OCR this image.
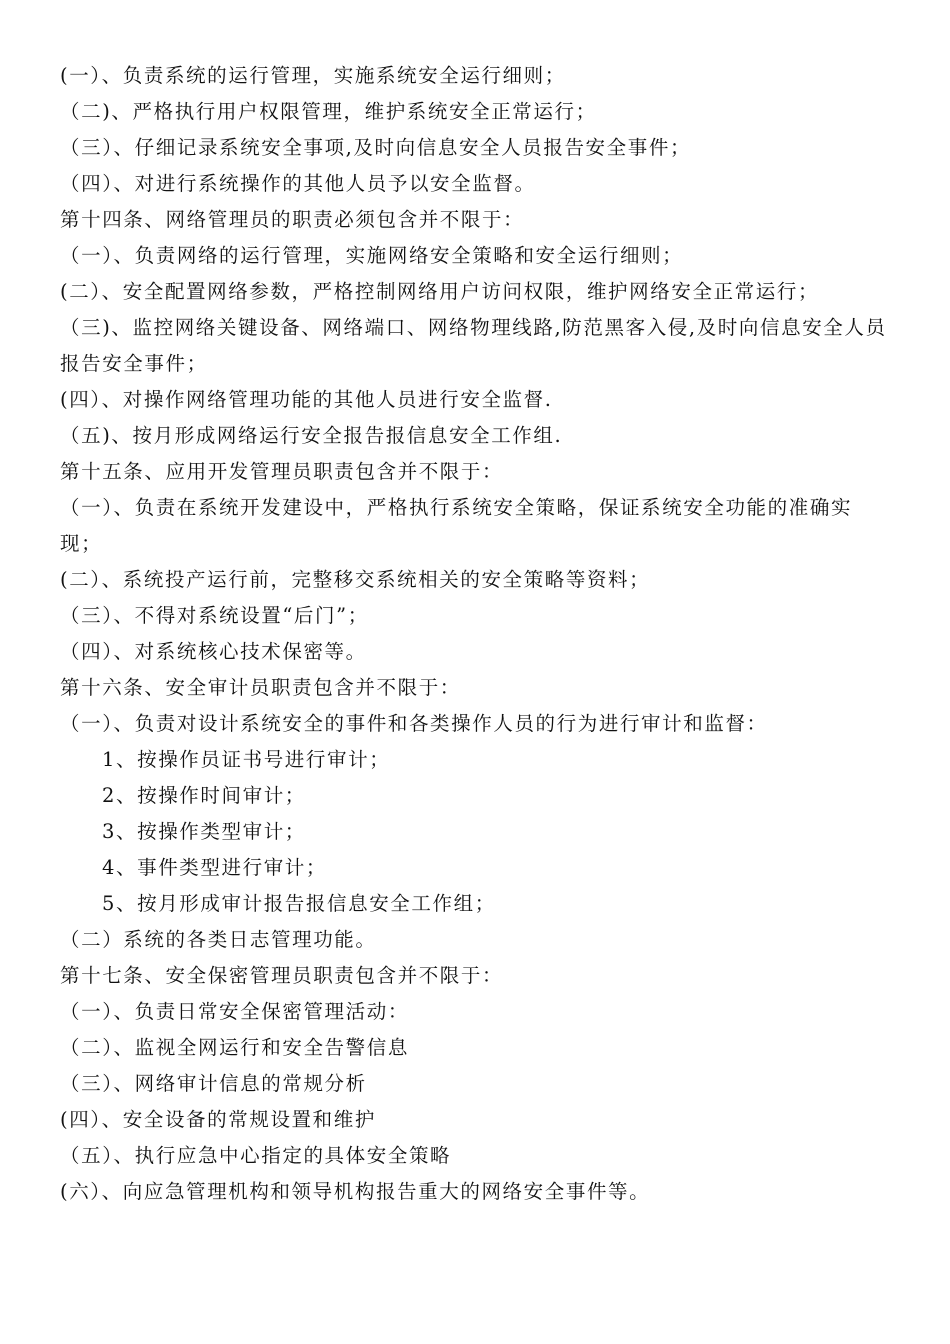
(一）、负责系统的运行管理，实施系统安全运行细则；
（二)、严格执行用户权限管理，维护系统安全正常运行；
（三）、仔细记录系统安全事项,及时向信息安全人员报告安全事件；
（四）、对进行系统操作的其他人员予以安全监督。
第十四条、网络管理员的职责必须包含并不限于：
（一）、负责网络的运行管理，实施网络安全策略和安全运行细则；
(二）、安全配置网络参数，严格控制网络用户访问权限，维护网络安全正常运行；
（三)、监控网络关键设备、网络端口、网络物理线路,防范黑客入侵,及时向信息安全人员报告安全事件；
(四）、对操作网络管理功能的其他人员进行安全监督.
（五)、按月形成网络运行安全报告报信息安全工作组.
第十五条、应用开发管理员职责包含并不限于：
（一）、负责在系统开发建设中，严格执行系统安全策略，保证系统安全功能的准确实现；
(二）、系统投产运行前，完整移交系统相关的安全策略等资料；
（三）、不得对系统设置“后门”；
（四）、对系统核心技术保密等。
第十六条、安全审计员职责包含并不限于：
（一）、负责对设计系统安全的事件和各类操作人员的行为进行审计和监督：
1、按操作员证书号进行审计；
2、按操作时间审计；
3、按操作类型审计；
4、事件类型进行审计；
5、按月形成审计报告报信息安全工作组；
（二）系统的各类日志管理功能。
第十七条、安全保密管理员职责包含并不限于：
（一）、负责日常安全保密管理活动：
（二）、监视全网运行和安全告警信息
（三）、网络审计信息的常规分析
(四）、安全设备的常规设置和维护
（五）、执行应急中心指定的具体安全策略
(六）、向应急管理机构和领导机构报告重大的网络安全事件等。
